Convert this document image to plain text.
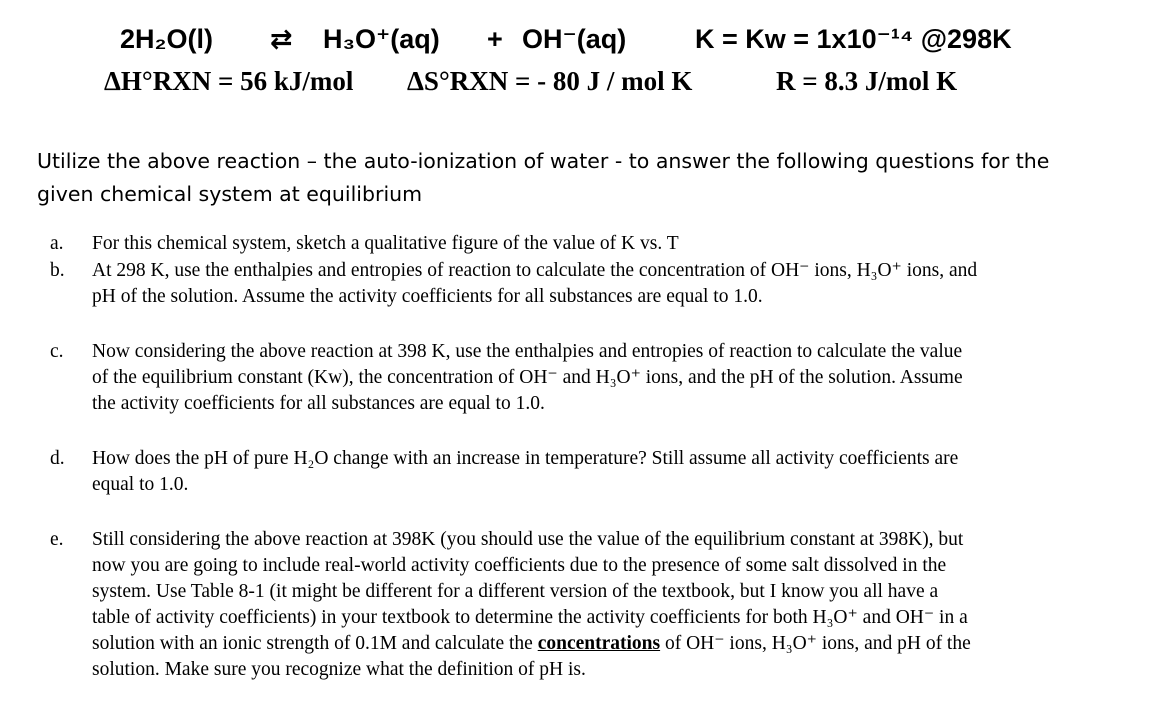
2H₂O(l) ⇄ H₃O⁺(aq) + OH⁻(aq)	K = Kw = 1x10⁻¹⁴ @298K
ΔH°RXN = 56 kJ/mol ΔS°RXN = - 80 J / mol K	R = 8.3 J/mol K
Utilize the above reaction – the auto-ionization of water - to answer the following questions for the
given chemical system at equilibrium
a. For this chemical system, sketch a qualitative figure of the value of K vs. T
b. At 298 K, use the enthalpies and entropies of reaction to calculate the concentration of OH⁻ ions, H₃O⁺ ions, and
pH of the solution. Assume the activity coefficients for all substances are equal to 1.0.
c. Now considering the above reaction at 398 K, use the enthalpies and entropies of reaction to calculate the value
of the equilibrium constant (Kw), the concentration of OH⁻ and H₃O⁺ ions, and the pH of the solution. Assume
the activity coefficients for all substances are equal to 1.0.
d. How does the pH of pure H₂O change with an increase in temperature? Still assume all activity coefficients are
equal to 1.0.
e. Still considering the above reaction at 398K (you should use the value of the equilibrium constant at 398K), but
now you are going to include real-world activity coefficients due to the presence of some salt dissolved in the
system. Use Table 8-1 (it might be different for a different version of the textbook, but I know you all have a
table of activity coefficients) in your textbook to determine the activity coefficients for both H₃O⁺ and OH⁻ in a
solution with an ionic strength of 0.1M and calculate the concentrations of OH⁻ ions, H₃O⁺ ions, and pH of the
solution. Make sure you recognize what the definition of pH is.
